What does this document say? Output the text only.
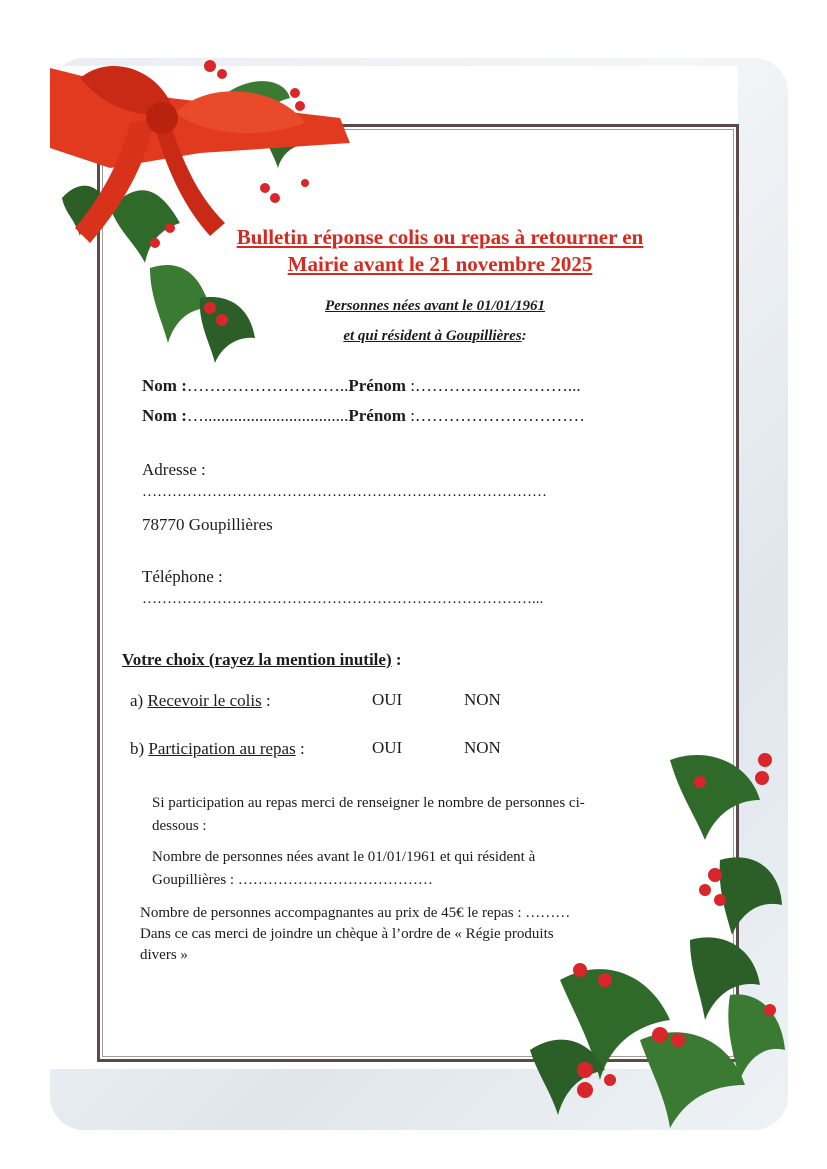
Bulletin réponse colis ou repas à retourner en
Mairie avant le 21 novembre 2025
Personnes nées avant le 01/01/1961
et qui résident à Goupillières:
Nom :………………………..Prénom :………………………...
Nom :…..................................Prénom :…………………………
Adresse :
………………………………………………………………………
78770 Goupillières
Téléphone :
……………………………………………………………………...
Votre choix (rayez la mention inutile) :
a) Recevoir le colis :	OUI	NON
b) Participation au repas :	OUI	NON
Si participation au repas merci de renseigner le nombre de personnes ci-
dessous :
Nombre de personnes nées avant le 01/01/1961 et qui résident à
Goupillières : …………………………………
Nombre de personnes accompagnantes au prix de 45€ le repas : ………
Dans ce cas merci de joindre un chèque à l’ordre de « Régie produits
divers »
